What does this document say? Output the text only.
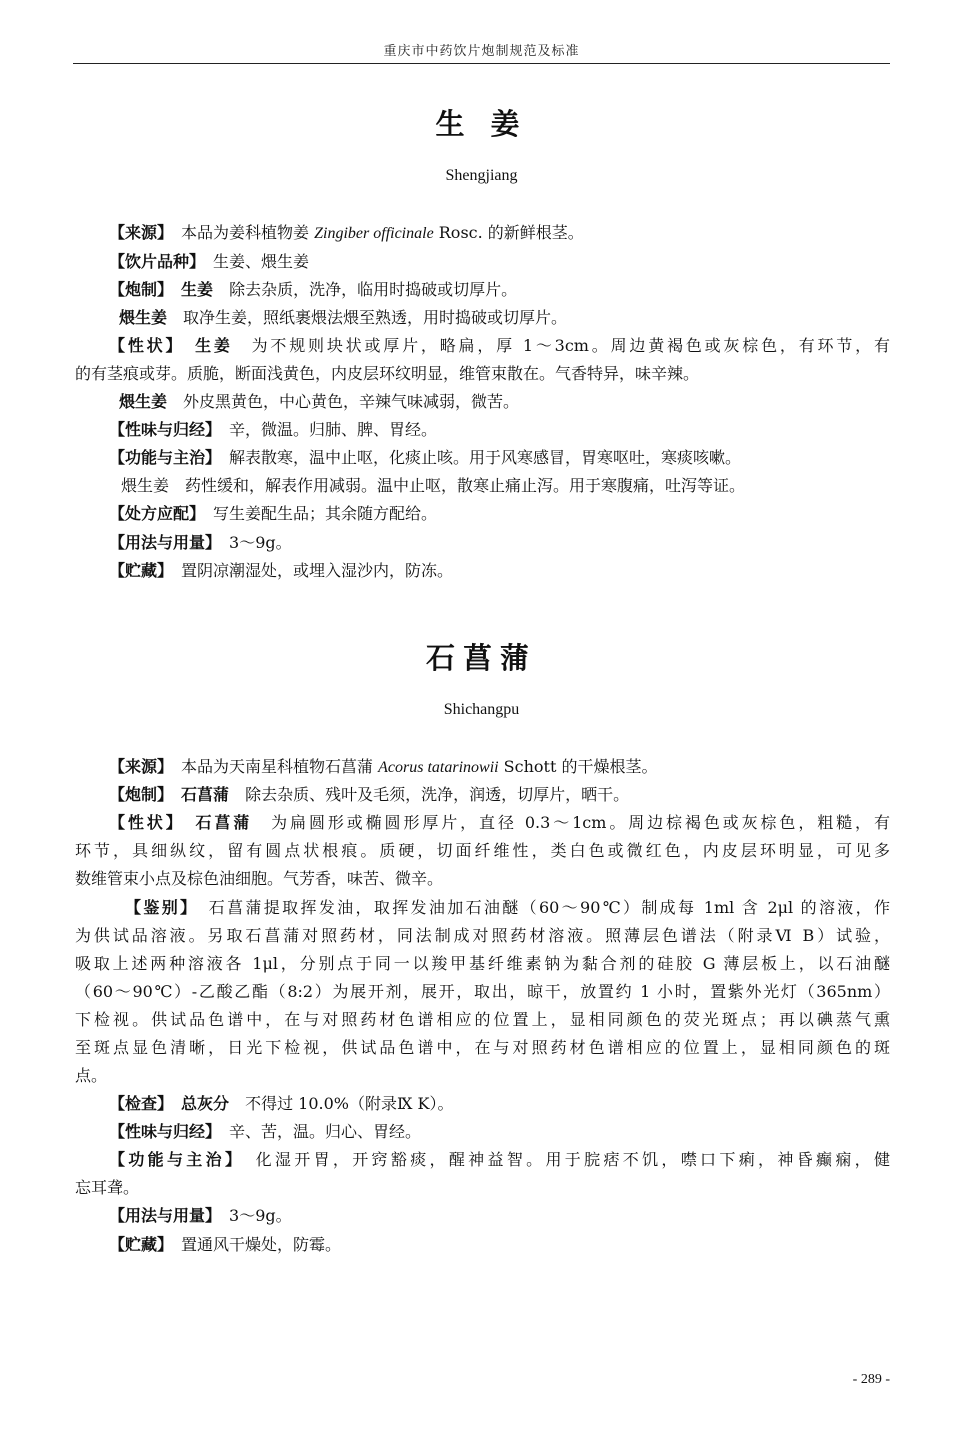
重庆市中药饮片炮制规范及标准
生 姜
Shengjiang
【来源】　 本品为姜科植物姜 Zingiber officinale Rosc. 的新鲜根茎。
【饮片品种】　 生姜、煨生姜
【炮制】　 生姜　 除去杂质，洗净，临用时捣破或切厚片。
煨生姜　 取净生姜，照纸裹煨法煨至熟透，用时捣破或切厚片。
【性状】　 生姜　 为不规则块状或厚片，略扁，厚 1～3cm。周边黄褐色或灰棕色，有环节，有
的有茎痕或芽。质脆，断面浅黄色，内皮层环纹明显，维管束散在。气香特异，味辛辣。
煨生姜　 外皮黑黄色，中心黄色，辛辣气味减弱，微苦。
【性味与归经】　 辛，微温。归肺、脾、胃经。
【功能与主治】　 解表散寒，温中止呕，化痰止咳。用于风寒感冒，胃寒呕吐，寒痰咳嗽。
煨生姜　药性缓和，解表作用减弱。温中止呕，散寒止痛止泻。用于寒腹痛，吐泻等证。
【处方应配】　 写生姜配生品；其余随方配给。
【用法与用量】　 3～9g。
【贮藏】　 置阴凉潮湿处，或埋入湿沙内，防冻。
石菖蒲
Shichangpu
【来源】　 本品为天南星科植物石菖蒲 Acorus tatarinowii Schott 的干燥根茎。
【炮制】　 石菖蒲　 除去杂质、残叶及毛须，洗净，润透，切厚片，晒干。
【性状】　 石菖蒲　 为扁圆形或椭圆形厚片，直径 0.3～1cm。周边棕褐色或灰棕色，粗糙，有
环节，具细纵纹，留有圆点状根痕。质硬，切面纤维性，类白色或微红色，内皮层环明显，可见多
数维管束小点及棕色油细胞。气芳香，味苦、微辛。
【鉴别】　 石菖蒲提取挥发油，取挥发油加石油醚（60～90℃）制成每 1ml 含 2μl 的溶液，作
为供试品溶液。另取石菖蒲对照药材，同法制成对照药材溶液。照薄层色谱法（附录Ⅵ B）试验，
吸取上述两种溶液各 1μl，分别点于同一以羧甲基纤维素钠为黏合剂的硅胶 G 薄层板上，以石油醚
（60～90℃）-乙酸乙酯（8:2）为展开剂，展开，取出，晾干，放置约 1 小时，置紫外光灯（365nm）
下检视。供试品色谱中，在与对照药材色谱相应的位置上，显相同颜色的荧光斑点；再以碘蒸气熏
至斑点显色清晰，日光下检视，供试品色谱中，在与对照药材色谱相应的位置上，显相同颜色的斑
点。
【检查】　 总灰分　 不得过 10.0%（附录Ⅸ K）。
【性味与归经】　 辛、苦，温。归心、胃经。
【功能与主治】　 化湿开胃，开窍豁痰，醒神益智。用于脘痞不饥，噤口下痢，神昏癫痫，健
忘耳聋。
【用法与用量】　 3～9g。
【贮藏】　 置通风干燥处，防霉。
- 289 -
